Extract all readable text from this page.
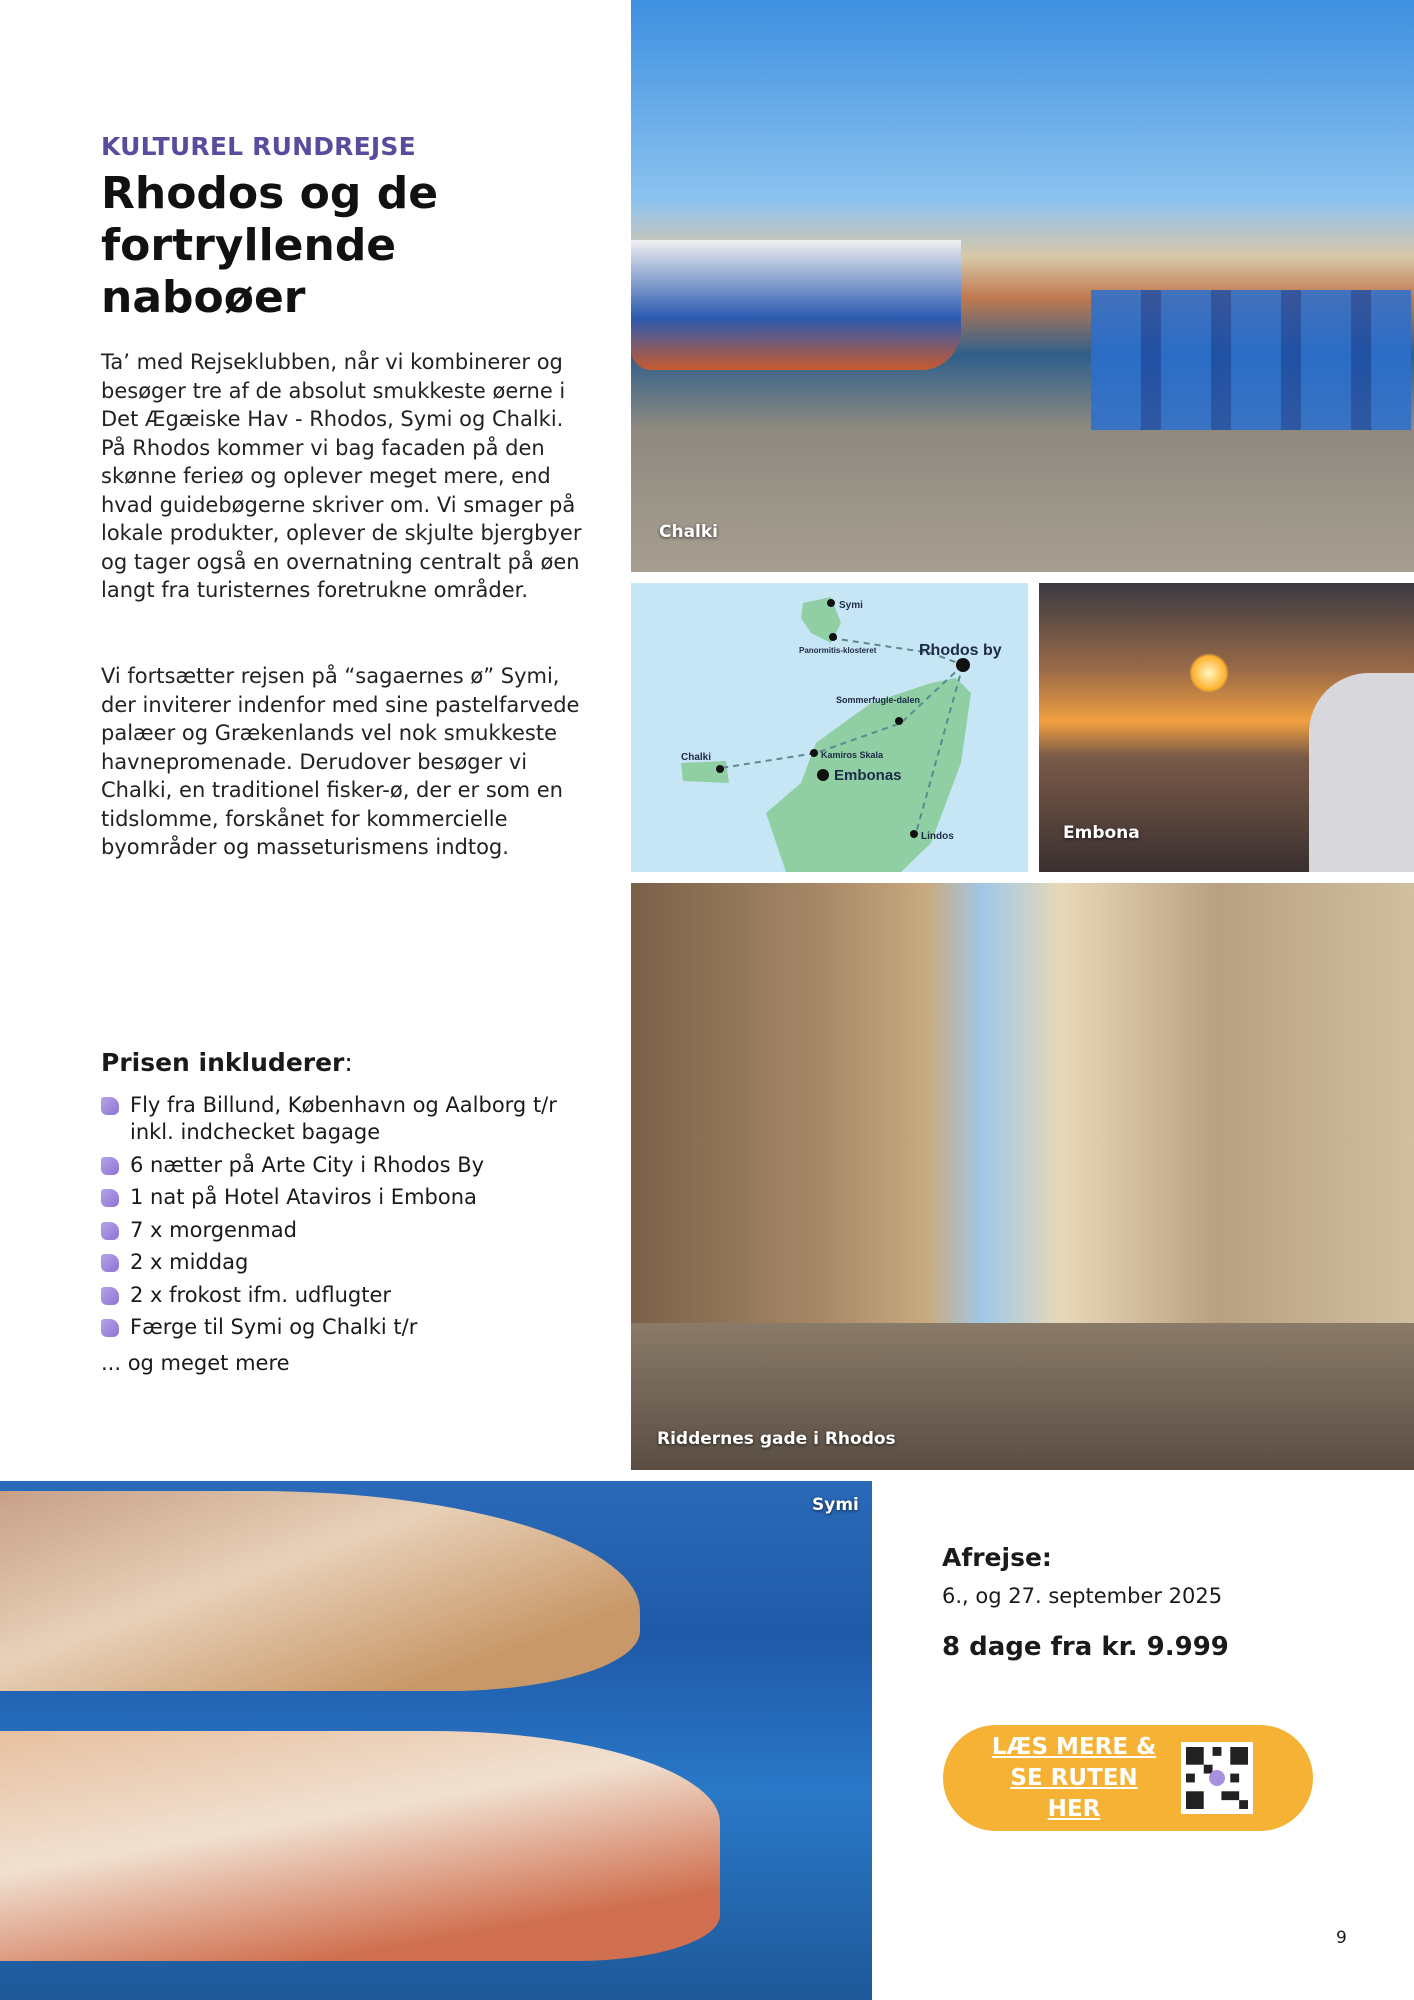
KULTUREL RUNDREJSE
Rhodos og de fortryllende naboøer

Ta’ med Rejseklubben, når vi kombinerer og besøger tre af de absolut smukkeste øerne i Det Ægæiske Hav - Rhodos, Symi og Chalki. På Rhodos kommer vi bag facaden på den skønne ferieø og oplever meget mere, end hvad guidebøgerne skriver om. Vi smager på lokale produkter, oplever de skjulte bjergbyer og tager også en overnatning centralt på øen langt fra turisternes foretrukne områder.

Vi fortsætter rejsen på “sagaernes ø” Symi, der inviterer indenfor med sine pastelfarvede palæer og Grækenlands vel nok smukkeste havnepromenade. Derudover besøger vi Chalki, en traditionel fisker-ø, der er som en tidslomme, forskånet for kommercielle byområder og masseturismens indtog.

Prisen inkluderer:
Fly fra Billund, København og Aalborg t/r inkl. indchecket bagage
6 nætter på Arte City i Rhodos By
1 nat på Hotel Ataviros i Embona
7 x morgenmad
2 x middag
2 x frokost ifm. udflugter
Færge til Symi og Chalki t/r
... og meget mere
Chalki
Symi
Panormitis-klosteret	Rhodos by
Sommerfugle-dalen
Chalki	Kamiros Skala
Embonas
Lindos	Embona
Riddernes gade i Rhodos
Symi
Afrejse:
6., og 27. september 2025
8 dage fra kr. 9.999
LÆS MERE &
SE RUTEN HER
9
